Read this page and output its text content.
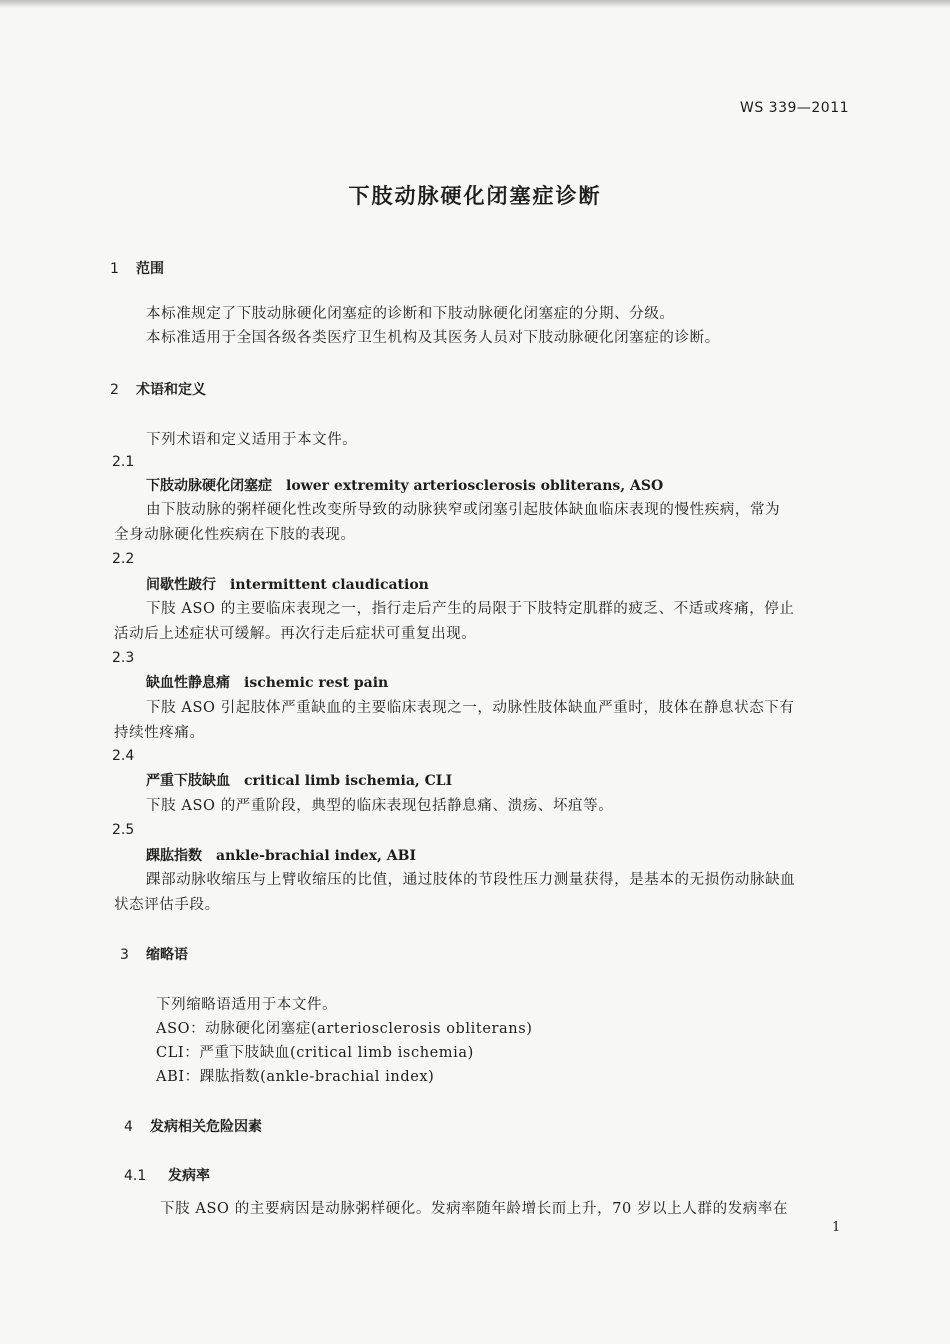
WS 339—2011
下肢动脉硬化闭塞症诊断
1 范围
本标准规定了下肢动脉硬化闭塞症的诊断和下肢动脉硬化闭塞症的分期、分级。
本标准适用于全国各级各类医疗卫生机构及其医务人员对下肢动脉硬化闭塞症的诊断。
2 术语和定义
下列术语和定义适用于本文件。
2.1
下肢动脉硬化闭塞症 lower extremity arteriosclerosis obliterans, ASO
由下肢动脉的粥样硬化性改变所导致的动脉狭窄或闭塞引起肢体缺血临床表现的慢性疾病，常为
全身动脉硬化性疾病在下肢的表现。
2.2
间歇性跛行 intermittent claudication
下肢 ASO 的主要临床表现之一，指行走后产生的局限于下肢特定肌群的疲乏、不适或疼痛，停止
活动后上述症状可缓解。再次行走后症状可重复出现。
2.3
缺血性静息痛 ischemic rest pain
下肢 ASO 引起肢体严重缺血的主要临床表现之一，动脉性肢体缺血严重时，肢体在静息状态下有
持续性疼痛。
2.4
严重下肢缺血 critical limb ischemia, CLI
下肢 ASO 的严重阶段，典型的临床表现包括静息痛、溃疡、坏疽等。
2.5
踝肱指数 ankle-brachial index, ABI
踝部动脉收缩压与上臂收缩压的比值，通过肢体的节段性压力测量获得，是基本的无损伤动脉缺血
状态评估手段。
3 缩略语
下列缩略语适用于本文件。
ASO：动脉硬化闭塞症(arteriosclerosis obliterans)
CLI：严重下肢缺血(critical limb ischemia)
ABI：踝肱指数(ankle-brachial index)
4 发病相关危险因素
4.1 发病率
下肢 ASO 的主要病因是动脉粥样硬化。发病率随年龄增长而上升，70 岁以上人群的发病率在
1
